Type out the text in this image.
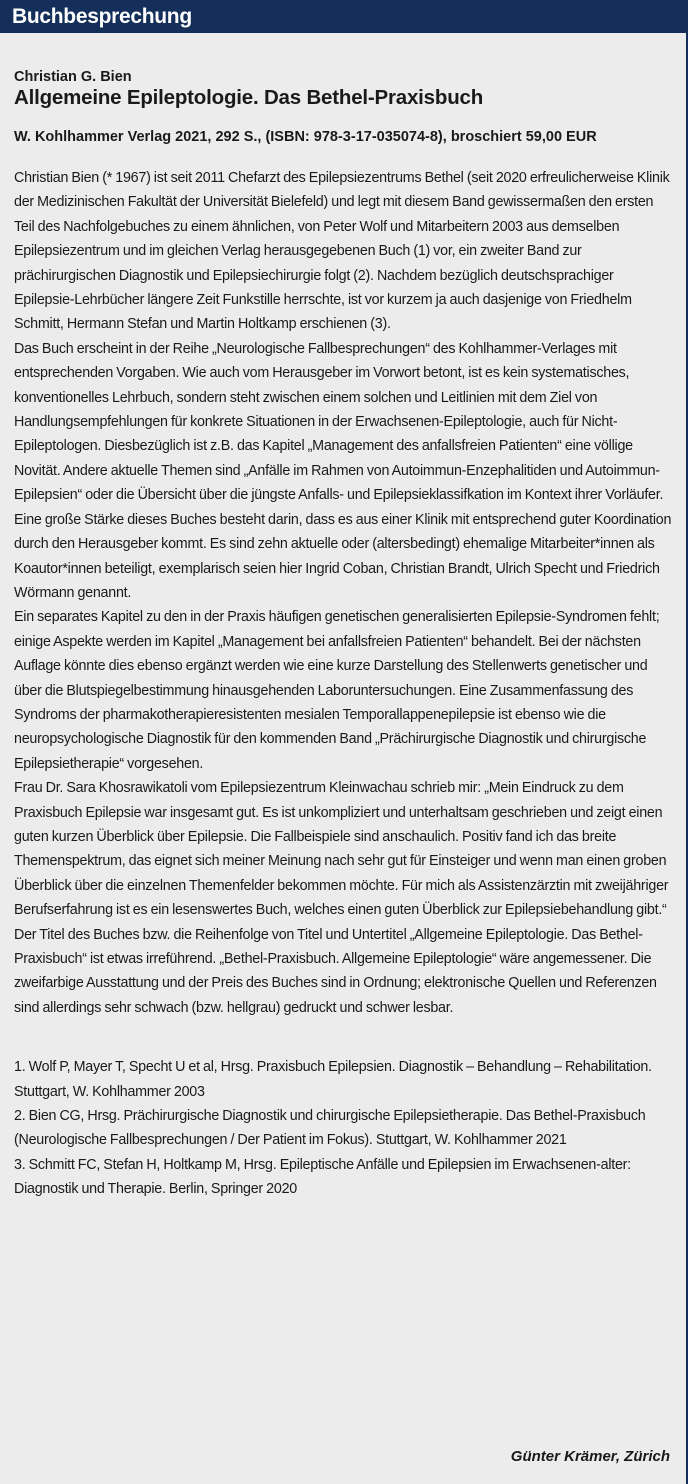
Buchbesprechung

Christian G. Bien

Allgemeine Epileptologie. Das Bethel-Praxisbuch

W. Kohlhammer Verlag 2021, 292 S., (ISBN: 978-3-17-035074-8), broschiert 59,00 EUR

Christian Bien (* 1967) ist seit 2011 Chefarzt des Epilepsiezentrums Bethel (seit 2020 erfreulicherweise Klinik der Medizinischen Fakultät der Universität Bielefeld) und legt mit diesem Band gewissermaßen den ersten Teil des Nachfolgebuches zu einem ähnlichen, von Peter Wolf und Mitarbeitern 2003 aus demselben Epilepsiezentrum und im gleichen Verlag herausgegebenen Buch (1) vor, ein zweiter Band zur prächirurgischen Diagnostik und Epilepsiechirurgie folgt (2). Nachdem bezüglich deutschsprachiger Epilepsie-Lehrbücher längere Zeit Funkstille herrschte, ist vor kurzem ja auch dasjenige von Friedhelm Schmitt, Hermann Stefan und Martin Holtkamp erschienen (3).

Das Buch erscheint in der Reihe „Neurologische Fallbesprechungen“ des Kohlhammer-Verlages mit entsprechenden Vorgaben. Wie auch vom Herausgeber im Vorwort betont, ist es kein systematisches, konventionelles Lehrbuch, sondern steht zwischen einem solchen und Leitlinien mit dem Ziel von Handlungsempfehlungen für konkrete Situationen in der Erwachsenen-Epileptologie, auch für Nicht-Epileptologen. Diesbezüglich ist z.B. das Kapitel „Management des anfallsfreien Patienten“ eine völlige Novität. Andere aktuelle Themen sind „Anfälle im Rahmen von Autoimmun-Enzephalitiden und Autoimmun-Epilepsien“ oder die Übersicht über die jüngste Anfalls- und Epilepsieklassifkation im Kontext ihrer Vorläufer.

Eine große Stärke dieses Buches besteht darin, dass es aus einer Klinik mit entsprechend guter Koordination durch den Herausgeber kommt. Es sind zehn aktuelle oder (altersbedingt) ehemalige Mitarbeiter*innen als Koautor*innen beteiligt, exemplarisch seien hier Ingrid Coban, Christian Brandt, Ulrich Specht und Friedrich Wörmann genannt.

Ein separates Kapitel zu den in der Praxis häufigen genetischen generalisierten Epilepsie-Syndromen fehlt; einige Aspekte werden im Kapitel „Management bei anfallsfreien Patienten“ behandelt. Bei der nächsten Auflage könnte dies ebenso ergänzt werden wie eine kurze Darstellung des Stellenwerts genetischer und über die Blutspiegelbestimmung hinausgehenden Laboruntersuchungen. Eine Zusammenfassung des Syndroms der pharmakotherapieresistenten mesialen Temporallappenepilepsie ist ebenso wie die neuropsychologische Diagnostik für den kommenden Band „Prächirurgische Diagnostik und chirurgische Epilepsietherapie“ vorgesehen.

Frau Dr. Sara Khosrawikatoli vom Epilepsiezentrum Kleinwachau schrieb mir: „Mein Eindruck zu dem Praxisbuch Epilepsie war insgesamt gut. Es ist unkompliziert und unterhaltsam geschrieben und zeigt einen guten kurzen Überblick über Epilepsie. Die Fallbeispiele sind anschaulich. Positiv fand ich das breite Themenspektrum, das eignet sich meiner Meinung nach sehr gut für Einsteiger und wenn man einen groben Überblick über die einzelnen Themenfelder bekommen möchte. Für mich als Assistenzärztin mit zweijähriger Berufserfahrung ist es ein lesenswertes Buch, welches einen guten Überblick zur Epilepsiebehandlung gibt.“

Der Titel des Buches bzw. die Reihenfolge von Titel und Untertitel „Allgemeine Epileptologie. Das Bethel-Praxisbuch“ ist etwas irreführend. „Bethel-Praxisbuch. Allgemeine Epileptologie“ wäre angemessener. Die zweifarbige Ausstattung und der Preis des Buches sind in Ordnung; elektronische Quellen und Referenzen sind allerdings sehr schwach (bzw. hellgrau) gedruckt und schwer lesbar.

1. Wolf P, Mayer T, Specht U et al, Hrsg. Praxisbuch Epilepsien. Diagnostik – Behandlung – Rehabilitation. Stuttgart, W. Kohlhammer 2003

2. Bien CG, Hrsg. Prächirurgische Diagnostik und chirurgische Epilepsietherapie. Das Bethel-Praxisbuch (Neurologische Fallbesprechungen / Der Patient im Fokus). Stuttgart, W. Kohlhammer 2021

3. Schmitt FC, Stefan H, Holtkamp M, Hrsg. Epileptische Anfälle und Epilepsien im Erwachsenen-alter: Diagnostik und Therapie. Berlin, Springer 2020

Günter Krämer, Zürich
